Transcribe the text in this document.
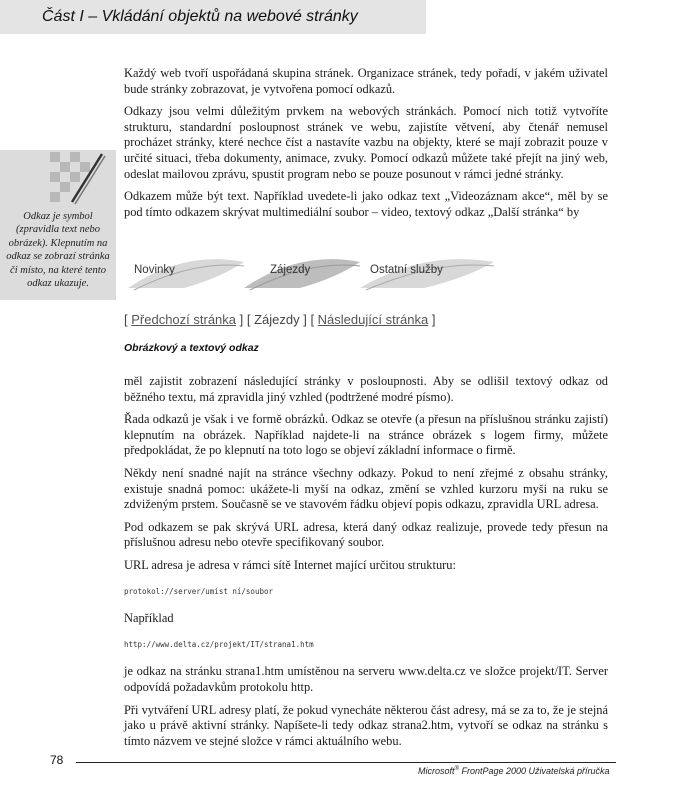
Část I – Vkládání objektů na webové stránky
Odkaz je symbol (zpravidla text nebo obrázek). Klepnutím na odkaz se zobrazí stránka či místo, na které tento odkaz ukazuje.

Každý web tvoří uspořádaná skupina stránek. Organizace stránek, tedy pořadí, v jakém uživatel bude stránky zobrazovat, je vytvořena pomocí odkazů.

Odkazy jsou velmi důležitým prvkem na webových stránkách. Pomocí nich totiž vytvoříte strukturu, standardní posloupnost stránek ve webu, zajistíte větvení, aby čtenář nemusel procházet stránky, které nechce číst a nastavíte vazbu na objekty, které se mají zobrazit pouze v určité situaci, třeba dokumenty, animace, zvuky. Pomocí odkazů můžete také přejít na jiný web, odeslat mailovou zprávu, spustit program nebo se pouze posunout v rámci jedné stránky.

Odkazem může být text. Například uvedete-li jako odkaz text „Videozáznam akce“, měl by se pod tímto odkazem skrývat multimediální soubor – video, textový odkaz „Další stránka“ by

Novinky	Zájezdy	Ostatní služby
[ Předchozí stránka ] [ Zájezdy ] [ Následující stránka ]
Obrázkový a textový odkaz

měl zajistit zobrazení následující stránky v posloupnosti. Aby se odlišil textový odkaz od běžného textu, má zpravidla jiný vzhled (podtržené modré písmo).

Řada odkazů je však i ve formě obrázků. Odkaz se otevře (a přesun na příslušnou stránku zajistí) klepnutím na obrázek. Například najdete-li na stránce obrázek s logem firmy, můžete předpokládat, že po klepnutí na toto logo se objeví základní informace o firmě.

Někdy není snadné najít na stránce všechny odkazy. Pokud to není zřejmé z obsahu stránky, existuje snadná pomoc: ukážete-li myší na odkaz, změní se vzhled kurzoru myši na ruku se zdviženým prstem. Současně se ve stavovém řádku objeví popis odkazu, zpravidla URL adresa.

Pod odkazem se pak skrývá URL adresa, která daný odkaz realizuje, provede tedy přesun na příslušnou adresu nebo otevře specifikovaný soubor.

URL adresa je adresa v rámci sítě Internet mající určitou strukturu:

protokol://server/umíst ní/soubor

Například

http://www.delta.cz/projekt/IT/strana1.htm

je odkaz na stránku strana1.htm umístěnou na serveru www.delta.cz ve složce projekt/IT. Server odpovídá požadavkům protokolu http.

Při vytváření URL adresy platí, že pokud vynecháte některou část adresy, má se za to, že je stejná jako u právě aktivní stránky. Napíšete-li tedy odkaz strana2.htm, vytvoří se odkaz na stránku s tímto názvem ve stejné složce v rámci aktuálního webu.

78
Microsoft® FrontPage 2000 Uživatelská příručka
